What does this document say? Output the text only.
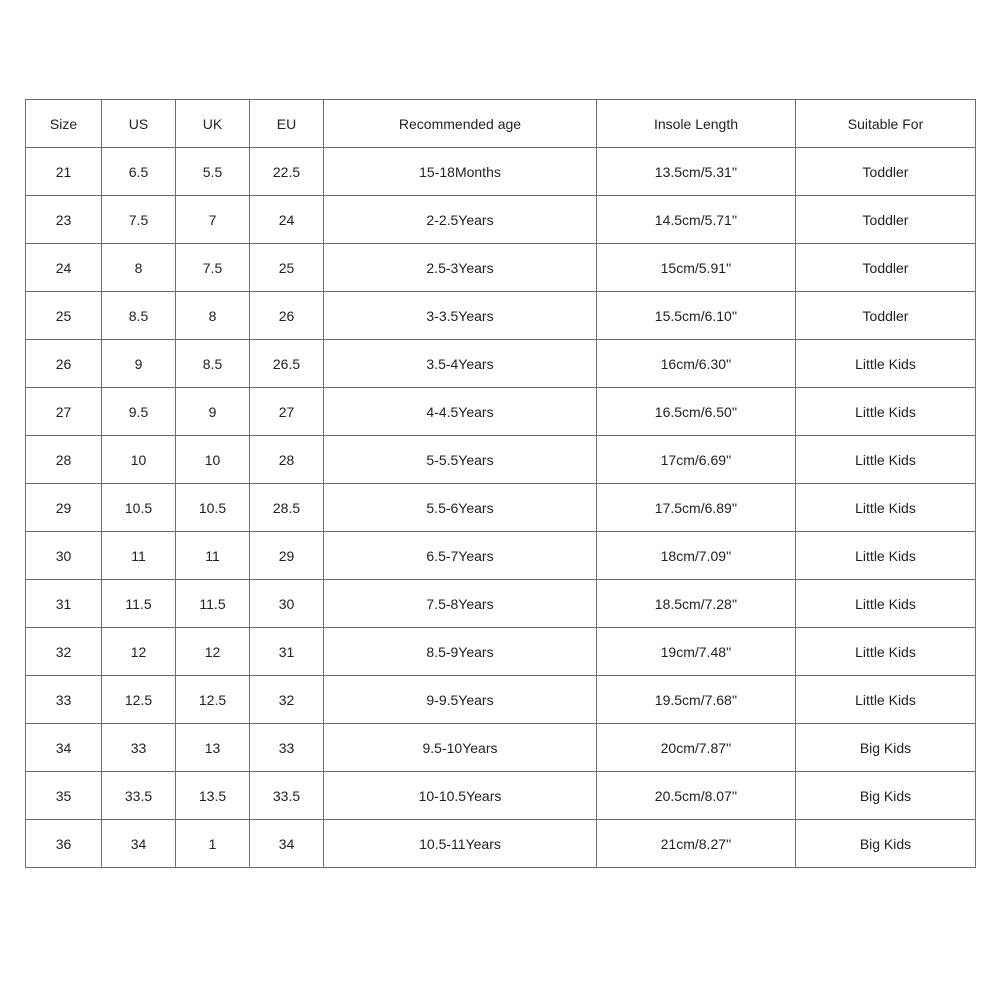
Size	US	UK	EU	Recommended age	Insole Length	Suitable For
21	6.5	5.5	22.5	15-18Months	13.5cm/5.31''	Toddler
23	7.5	7	24	2-2.5Years	14.5cm/5.71''	Toddler
24	8	7.5	25	2.5-3Years	15cm/5.91''	Toddler
25	8.5	8	26	3-3.5Years	15.5cm/6.10''	Toddler
26	9	8.5	26.5	3.5-4Years	16cm/6.30''	Little Kids
27	9.5	9	27	4-4.5Years	16.5cm/6.50''	Little Kids
28	10	10	28	5-5.5Years	17cm/6.69''	Little Kids
29	10.5	10.5	28.5	5.5-6Years	17.5cm/6.89''	Little Kids
30	11	11	29	6.5-7Years	18cm/7.09''	Little Kids
31	11.5	11.5	30	7.5-8Years	18.5cm/7.28''	Little Kids
32	12	12	31	8.5-9Years	19cm/7.48''	Little Kids
33	12.5	12.5	32	9-9.5Years	19.5cm/7.68''	Little Kids
34	33	13	33	9.5-10Years	20cm/7.87''	Big Kids
35	33.5	13.5	33.5	10-10.5Years	20.5cm/8.07''	Big Kids
36	34	1	34	10.5-11Years	21cm/8.27''	Big Kids
